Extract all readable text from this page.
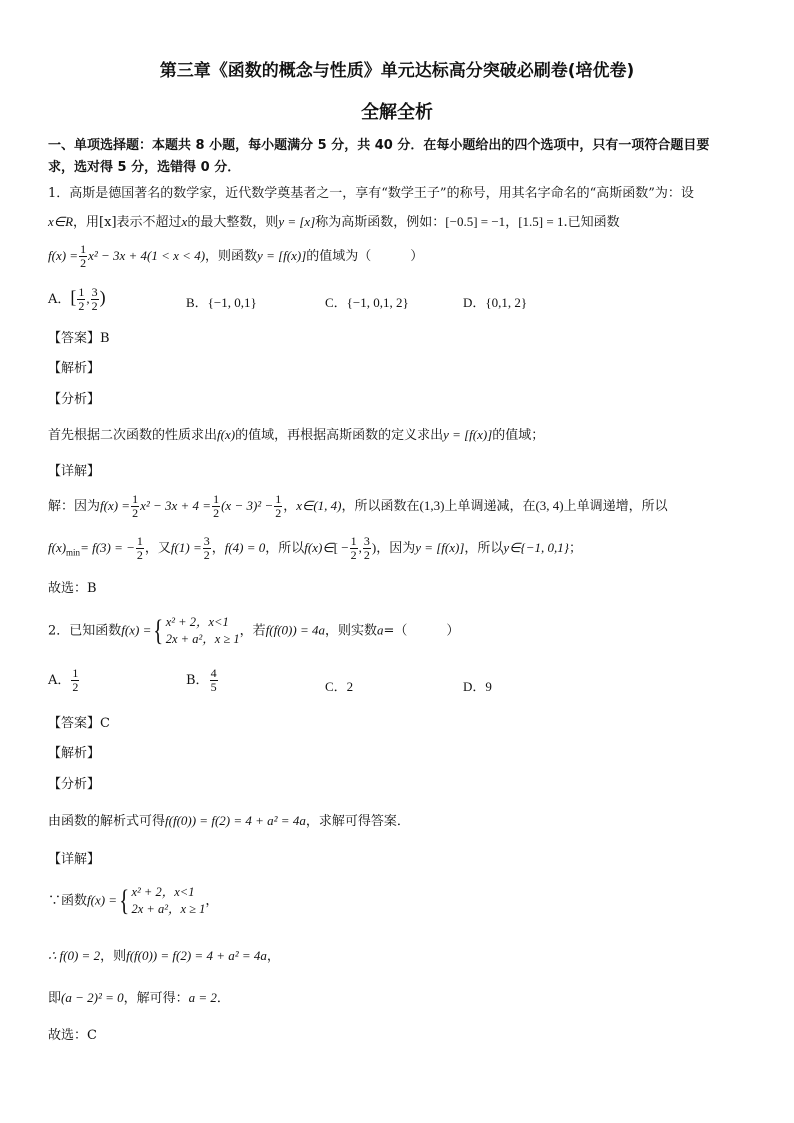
第三章《函数的概念与性质》单元达标高分突破必刷卷(培优卷)
全解全析
一、单项选择题：本题共 8 小题，每小题满分 5 分，共 40 分．在每小题给出的四个选项中，只有一项符合题目要
求，选对得 5 分，选错得 0 分．
1．高斯是德国著名的数学家，近代数学奠基者之一，享有“数学王子”的称号，用其名字命名的“高斯函数”为：设
x∈R，用[x]表示不超过x的最大整数，则y = [x]称为高斯函数，例如：[−0.5] = −1，[1.5] = 1.已知函数
$f(x) = \frac{1}{2} x^2 - 3x + 4(1 < x < 4)$，则函数y = [f(x)]的值域为（　　　）
A．[ $\frac{1}{2}$ , $\frac{3}{2}$ )	B．{−1, 0,1}	C．{−1, 0,1, 2}	D．{0,1, 2}
【答案】B
【解析】
【分析】
首先根据二次函数的性质求出f(x)的值域，再根据高斯函数的定义求出y = [f(x)]的值域；
【详解】
解：因为$f(x) = \frac{1}{2} x^2 - 3x + 4 = \frac{1}{2} (x - 3)^2 - \frac{1}{2}$ ，x∈(1, 4)，所以函数在(1,3)上单调递减，在(3, 4)上单调递增，所以
$f(x)_{min}= f(3)$ = − $\frac{1}{2}$ ，又$f(1) = \frac{3}{2}$ ，f(4) = 0，所以f(x)∈[ − $\frac{1}{2}$ , $\frac{3}{2}$ )，因为y = [f(x)]，所以y∈{−1, 0,1}；
故选：B
2．已知函数f(x) ={ x² + 2，x<1
2x + a²，x ≥ 1
，若f(f(0)) = 4a，则实数a=（　　　）
A． $\frac{1}{2}$	B． $\frac{4}{5}$	C．2	D．9
【答案】C
【解析】
【分析】
由函数的解析式可得f(f(0)) = f(2) = 4 + a² = 4a，求解可得答案．
【详解】
∵函数f(x) ={ x² + 2，x<1
2x + a²，x ≥ 1
，
∴ f(0) = 2，则f(f(0)) = f(2) = 4 + a² = 4a，
即(a − 2)² = 0，解可得：a = 2．
故选：C
